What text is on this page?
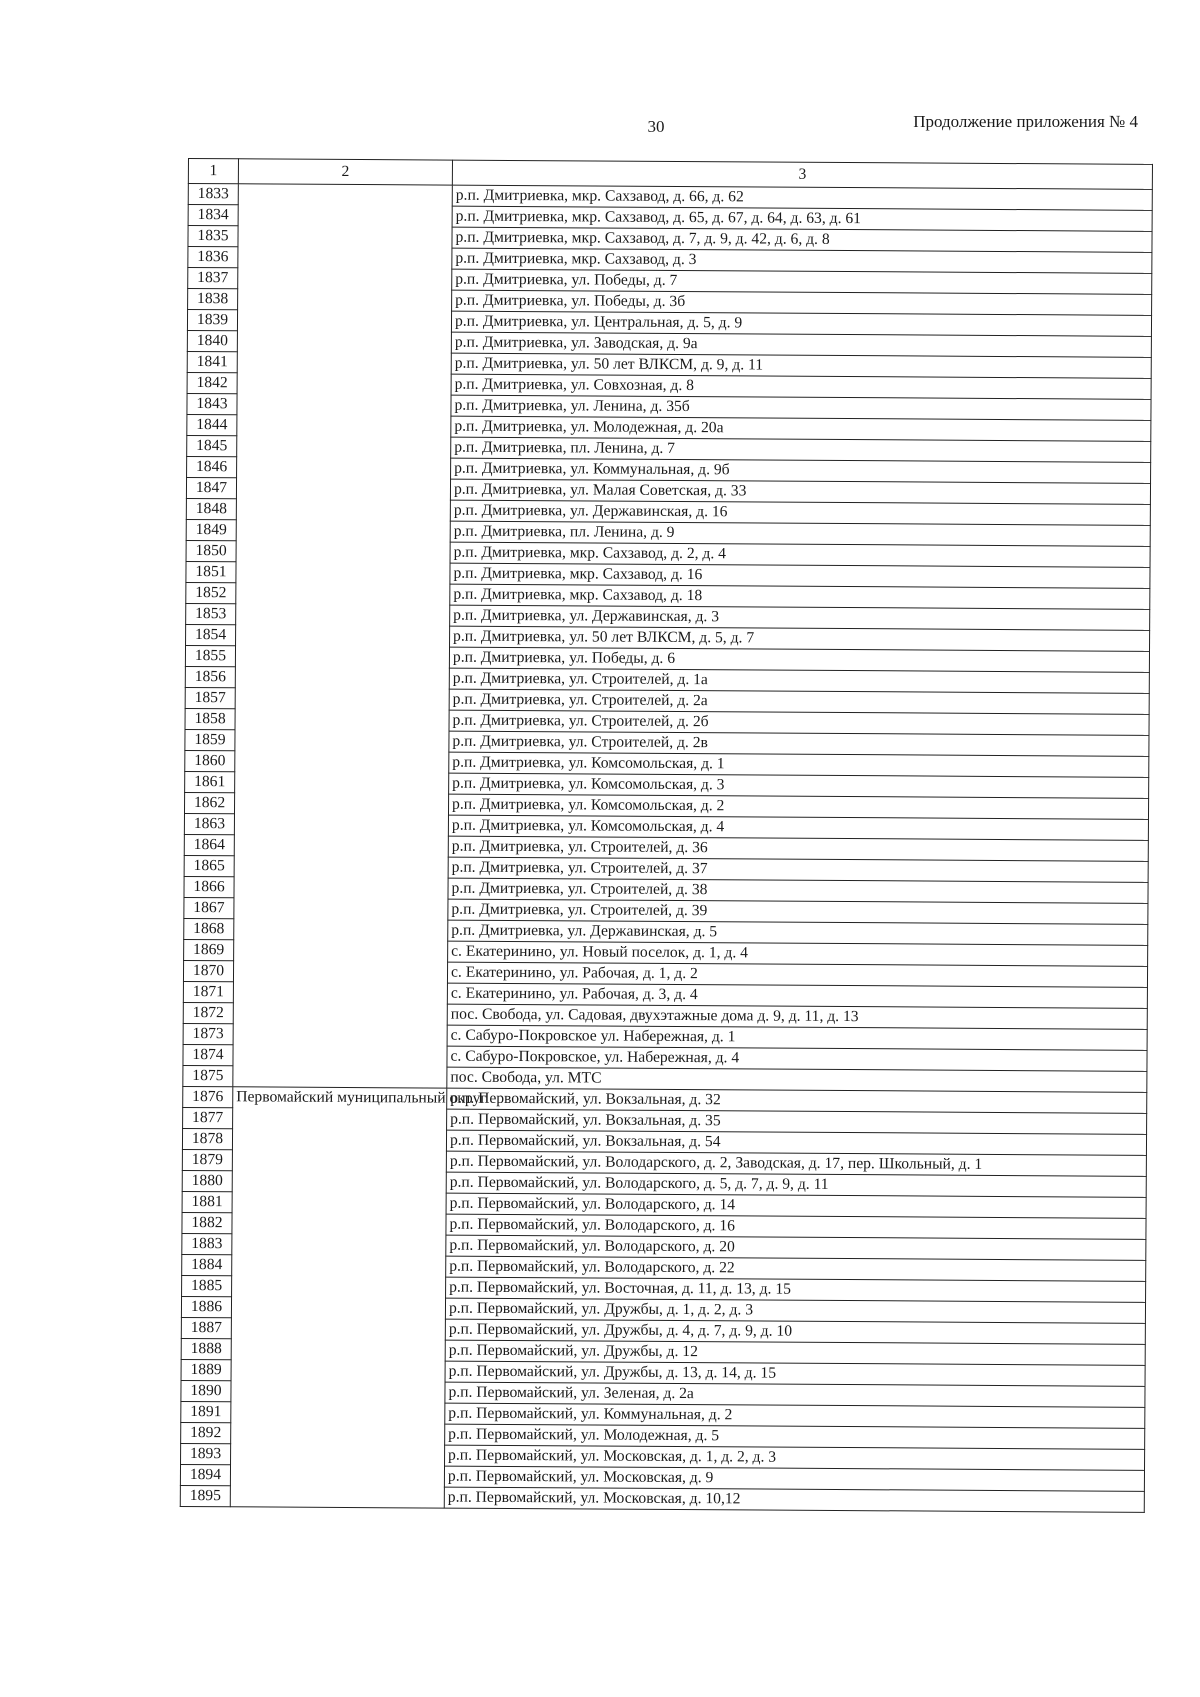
30	Продолжение приложения № 4
1	2	3
1833		р.п. Дмитриевка, мкр. Сахзавод, д. 66, д. 62
1834		р.п. Дмитриевка, мкр. Сахзавод, д. 65, д. 67, д. 64, д. 63, д. 61
1835		р.п. Дмитриевка, мкр. Сахзавод, д. 7, д. 9, д. 42, д. 6, д. 8
1836		р.п. Дмитриевка, мкр. Сахзавод, д. 3
1837		р.п. Дмитриевка, ул. Победы, д. 7
1838		р.п. Дмитриевка, ул. Победы, д. 3б
1839		р.п. Дмитриевка, ул. Центральная, д. 5, д. 9
1840		р.п. Дмитриевка, ул. Заводская, д. 9а
1841		р.п. Дмитриевка, ул. 50 лет ВЛКСМ, д. 9, д. 11
1842		р.п. Дмитриевка, ул. Совхозная, д. 8
1843		р.п. Дмитриевка, ул. Ленина, д. 35б
1844		р.п. Дмитриевка, ул. Молодежная, д. 20а
1845		р.п. Дмитриевка, пл. Ленина, д. 7
1846		р.п. Дмитриевка, ул. Коммунальная, д. 9б
1847		р.п. Дмитриевка, ул. Малая Советская, д. 33
1848		р.п. Дмитриевка, ул. Державинская, д. 16
1849		р.п. Дмитриевка, пл. Ленина, д. 9
1850		р.п. Дмитриевка, мкр. Сахзавод, д. 2, д. 4
1851		р.п. Дмитриевка, мкр. Сахзавод, д. 16
1852		р.п. Дмитриевка, мкр. Сахзавод, д. 18
1853		р.п. Дмитриевка, ул. Державинская, д. 3
1854		р.п. Дмитриевка, ул. 50 лет ВЛКСМ, д. 5, д. 7
1855		р.п. Дмитриевка, ул. Победы, д. 6
1856		р.п. Дмитриевка, ул. Строителей, д. 1а
1857		р.п. Дмитриевка, ул. Строителей, д. 2а
1858		р.п. Дмитриевка, ул. Строителей, д. 2б
1859		р.п. Дмитриевка, ул. Строителей, д. 2в
1860		р.п. Дмитриевка, ул. Комсомольская, д. 1
1861		р.п. Дмитриевка, ул. Комсомольская, д. 3
1862		р.п. Дмитриевка, ул. Комсомольская, д. 2
1863		р.п. Дмитриевка, ул. Комсомольская, д. 4
1864		р.п. Дмитриевка, ул. Строителей, д. 36
1865		р.п. Дмитриевка, ул. Строителей, д. 37
1866		р.п. Дмитриевка, ул. Строителей, д. 38
1867		р.п. Дмитриевка, ул. Строителей, д. 39
1868		р.п. Дмитриевка, ул. Державинская, д. 5
1869		с. Екатеринино, ул. Новый поселок, д. 1, д. 4
1870		с. Екатеринино, ул. Рабочая, д. 1, д. 2
1871		с. Екатеринино, ул. Рабочая, д. 3, д. 4
1872		пос. Свобода, ул. Садовая, двухэтажные дома д. 9, д. 11, д. 13
1873		с. Сабуро-Покровское ул. Набережная, д. 1
1874		с. Сабуро-Покровское, ул. Набережная, д. 4
1875		пос. Свобода, ул. МТС
1876	Первомайский муниципальный округ	р.п. Первомайский, ул. Вокзальная, д. 32
1877		р.п. Первомайский, ул. Вокзальная, д. 35
1878		р.п. Первомайский, ул. Вокзальная, д. 54
1879		р.п. Первомайский, ул. Володарского, д. 2, Заводская, д. 17, пер. Школьный, д. 1
1880		р.п. Первомайский, ул. Володарского, д. 5, д. 7, д. 9, д. 11
1881		р.п. Первомайский, ул. Володарского, д. 14
1882		р.п. Первомайский, ул. Володарского, д. 16
1883		р.п. Первомайский, ул. Володарского, д. 20
1884		р.п. Первомайский, ул. Володарского, д. 22
1885		р.п. Первомайский, ул. Восточная, д. 11, д. 13, д. 15
1886		р.п. Первомайский, ул. Дружбы, д. 1, д. 2, д. 3
1887		р.п. Первомайский, ул. Дружбы, д. 4, д. 7, д. 9, д. 10
1888		р.п. Первомайский, ул. Дружбы, д. 12
1889		р.п. Первомайский, ул. Дружбы, д. 13, д. 14, д. 15
1890		р.п. Первомайский, ул. Зеленая, д. 2а
1891		р.п. Первомайский, ул. Коммунальная, д. 2
1892		р.п. Первомайский, ул. Молодежная, д. 5
1893		р.п. Первомайский, ул. Московская, д. 1, д. 2, д. 3
1894		р.п. Первомайский, ул. Московская, д. 9
1895		р.п. Первомайский, ул. Московская, д. 10,12
